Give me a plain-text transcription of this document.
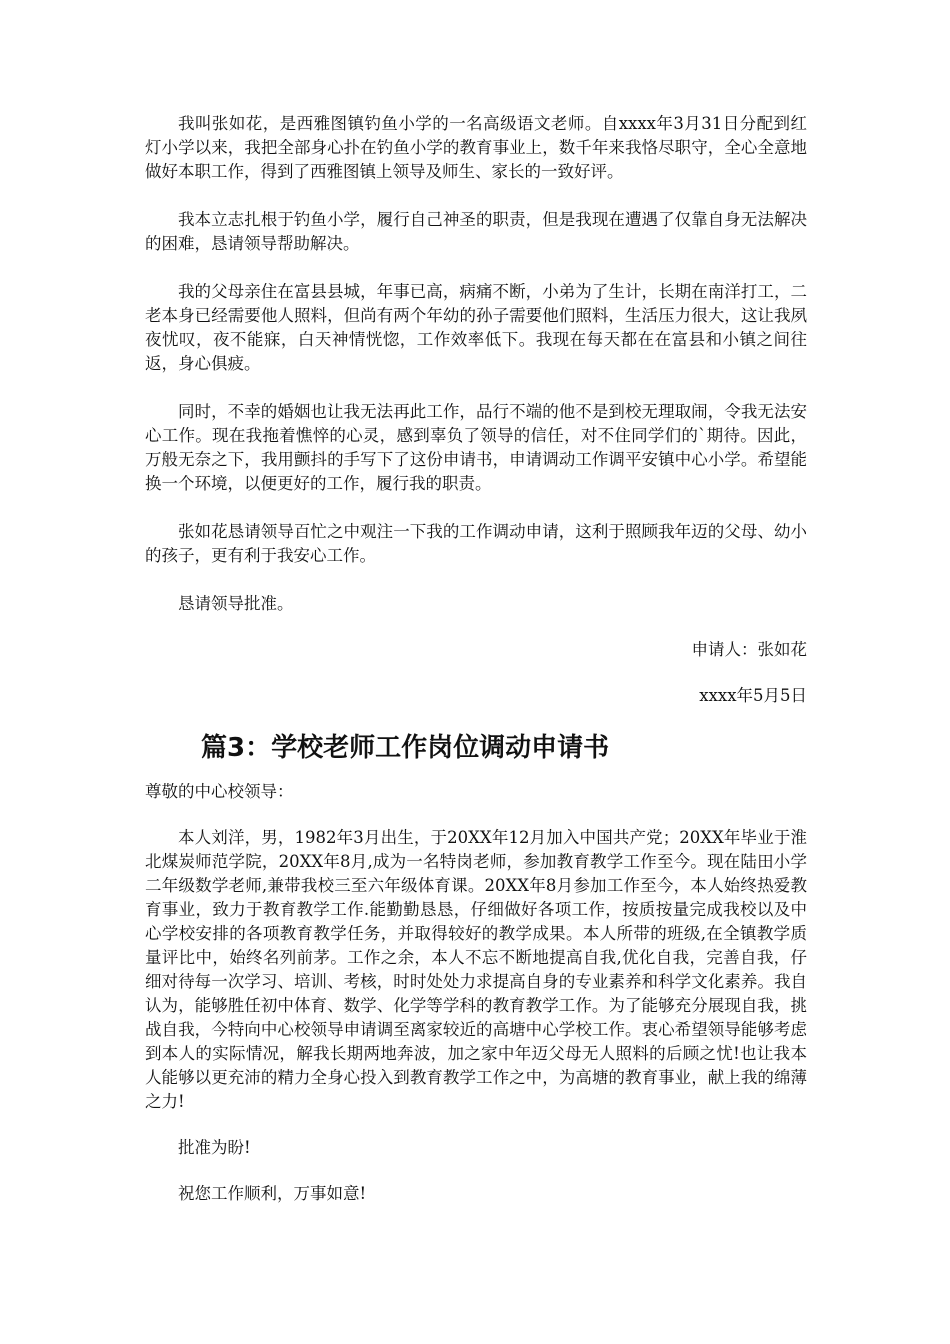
我叫张如花，是西雅图镇钓鱼小学的一名高级语文老师。自xxxx年3月31日分配到红灯小学以来，我把全部身心扑在钓鱼小学的教育事业上，数千年来我恪尽职守，全心全意地做好本职工作，得到了西雅图镇上领导及师生、家长的一致好评。

我本立志扎根于钓鱼小学，履行自己神圣的职责，但是我现在遭遇了仅靠自身无法解决的困难，恳请领导帮助解决。

我的父母亲住在富县县城，年事已高，病痛不断，小弟为了生计，长期在南洋打工，二老本身已经需要他人照料，但尚有两个年幼的孙子需要他们照料，生活压力很大，这让我夙夜忧叹，夜不能寐，白天神情恍惚，工作效率低下。我现在每天都在在富县和小镇之间往返，身心俱疲。

同时，不幸的婚姻也让我无法再此工作，品行不端的他不是到校无理取闹，令我无法安心工作。现在我拖着憔悴的心灵，感到辜负了领导的信任，对不住同学们的`期待。因此，万般无奈之下，我用颤抖的手写下了这份申请书，申请调动工作调平安镇中心小学。希望能换一个环境，以便更好的工作，履行我的职责。

张如花恳请领导百忙之中观注一下我的工作调动申请，这利于照顾我年迈的父母、幼小的孩子，更有利于我安心工作。

恳请领导批准。

申请人：张如花

xxxx年5月5日

篇3：学校老师工作岗位调动申请书

尊敬的中心校领导：

本人刘洋，男，1982年3月出生，于20XX年12月加入中国共产党；20XX年毕业于淮北煤炭师范学院，20XX年8月,成为一名特岗老师，参加教育教学工作至今。现在陆田小学二年级数学老师,兼带我校三至六年级体育课。20XX年8月参加工作至今，本人始终热爱教育事业，致力于教育教学工作.能勤勤恳恳，仔细做好各项工作，按质按量完成我校以及中心学校安排的各项教育教学任务，并取得较好的教学成果。本人所带的班级,在全镇教学质量评比中，始终名列前茅。工作之余，本人不忘不断地提高自我,优化自我，完善自我，仔细对待每一次学习、培训、考核，时时处处力求提高自身的专业素养和科学文化素养。我自认为，能够胜任初中体育、数学、化学等学科的教育教学工作。为了能够充分展现自我，挑战自我，今特向中心校领导申请调至离家较近的高塘中心学校工作。衷心希望领导能够考虑到本人的实际情况，解我长期两地奔波，加之家中年迈父母无人照料的后顾之忧!也让我本人能够以更充沛的精力全身心投入到教育教学工作之中，为高塘的教育事业，献上我的绵薄之力!

批准为盼!

祝您工作顺利，万事如意!
